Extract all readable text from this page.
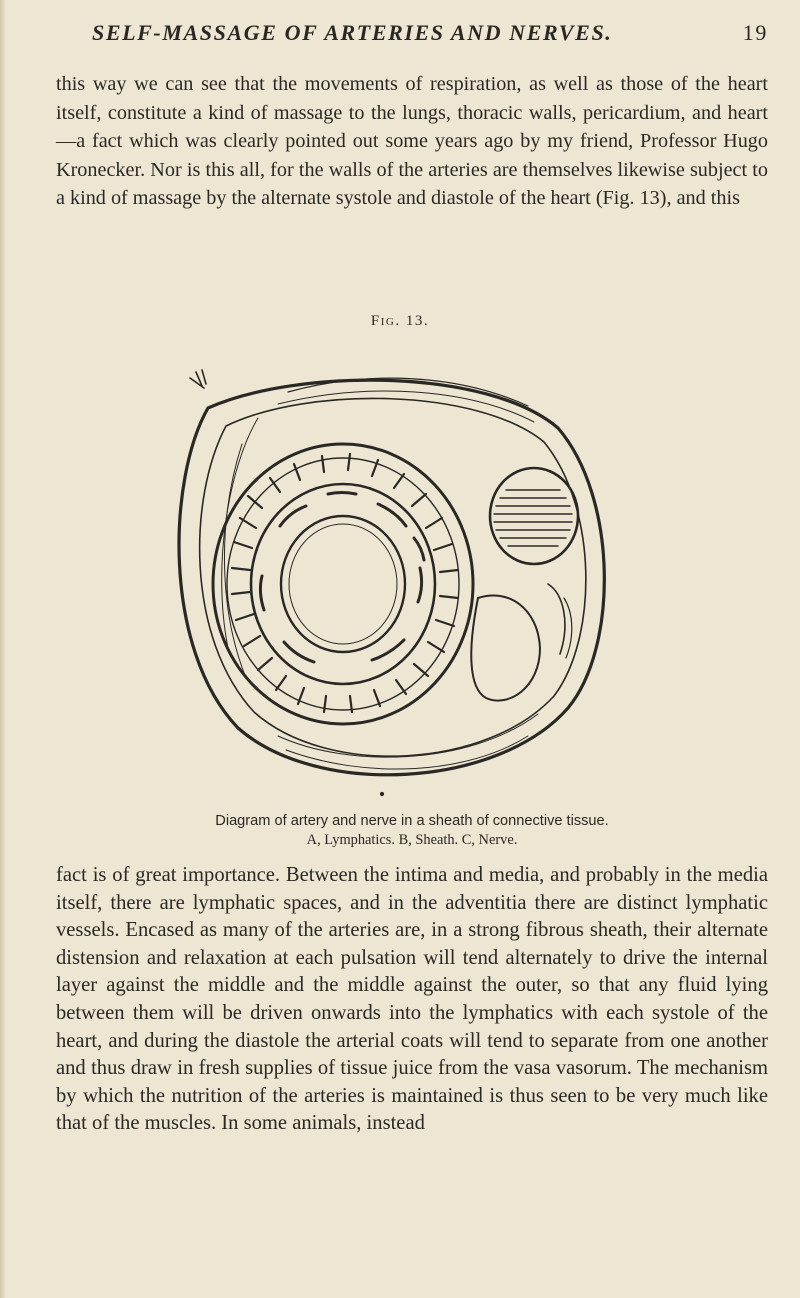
SELF-MASSAGE OF ARTERIES AND NERVES.	19

this way we can see that the movements of respiration, as well as those of the heart itself, constitute a kind of massage to the lungs, thoracic walls, pericardium, and heart—a fact which was clearly pointed out some years ago by my friend, Professor Hugo Kronecker. Nor is this all, for the walls of the arteries are themselves likewise subject to a kind of massage by the alternate systole and diastole of the heart (Fig. 13), and this

Fig. 13.
Diagram of artery and nerve in a sheath of connective tissue.
A, Lymphatics. B, Sheath. C, Nerve.

fact is of great importance. Between the intima and media, and probably in the media itself, there are lymphatic spaces, and in the adventitia there are distinct lymphatic vessels. Encased as many of the arteries are, in a strong fibrous sheath, their alternate distension and relaxation at each pulsation will tend alternately to drive the internal layer against the middle and the middle against the outer, so that any fluid lying between them will be driven onwards into the lymphatics with each systole of the heart, and during the diastole the arterial coats will tend to separate from one another and thus draw in fresh supplies of tissue juice from the vasa vasorum. The mechanism by which the nutrition of the arteries is maintained is thus seen to be very much like that of the muscles. In some animals, instead
